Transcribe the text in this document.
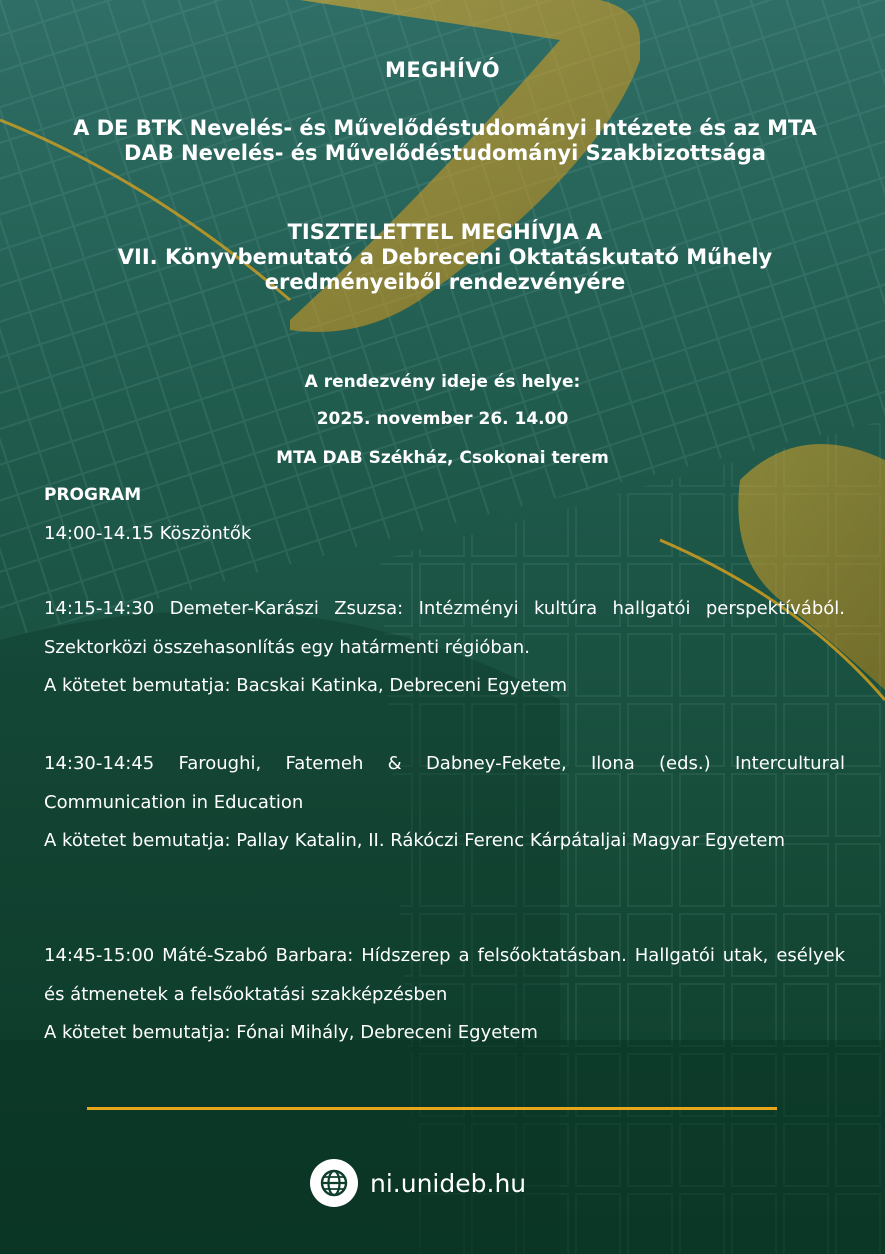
MEGHÍVÓ
A DE BTK Nevelés- és Művelődéstudományi Intézete és az MTA DAB Nevelés- és Művelődéstudományi Szakbizottsága
TISZTELETTEL MEGHÍVJA A
VII. Könyvbemutató a Debreceni Oktatáskutató Műhely eredményeiből rendezvényére
A rendezvény ideje és helye:
2025. november 26. 14.00
MTA DAB Székház, Csokonai terem
PROGRAM
14:00-14.15 Köszöntők
14:15-14:30 Demeter-Karászi Zsuzsa: Intézményi kultúra hallgatói perspektívából. Szektorközi összehasonlítás egy határmenti régióban.
A kötetet bemutatja: Bacskai Katinka, Debreceni Egyetem
14:30-14:45 Faroughi, Fatemeh & Dabney-Fekete, Ilona (eds.) Intercultural Communication in Education
A kötetet bemutatja: Pallay Katalin, II. Rákóczi Ferenc Kárpátaljai Magyar Egyetem
14:45-15:00 Máté-Szabó Barbara: Hídszerep a felsőoktatásban. Hallgatói utak, esélyek és átmenetek a felsőoktatási szakképzésben
A kötetet bemutatja: Fónai Mihály, Debreceni Egyetem
ni.unideb.hu
